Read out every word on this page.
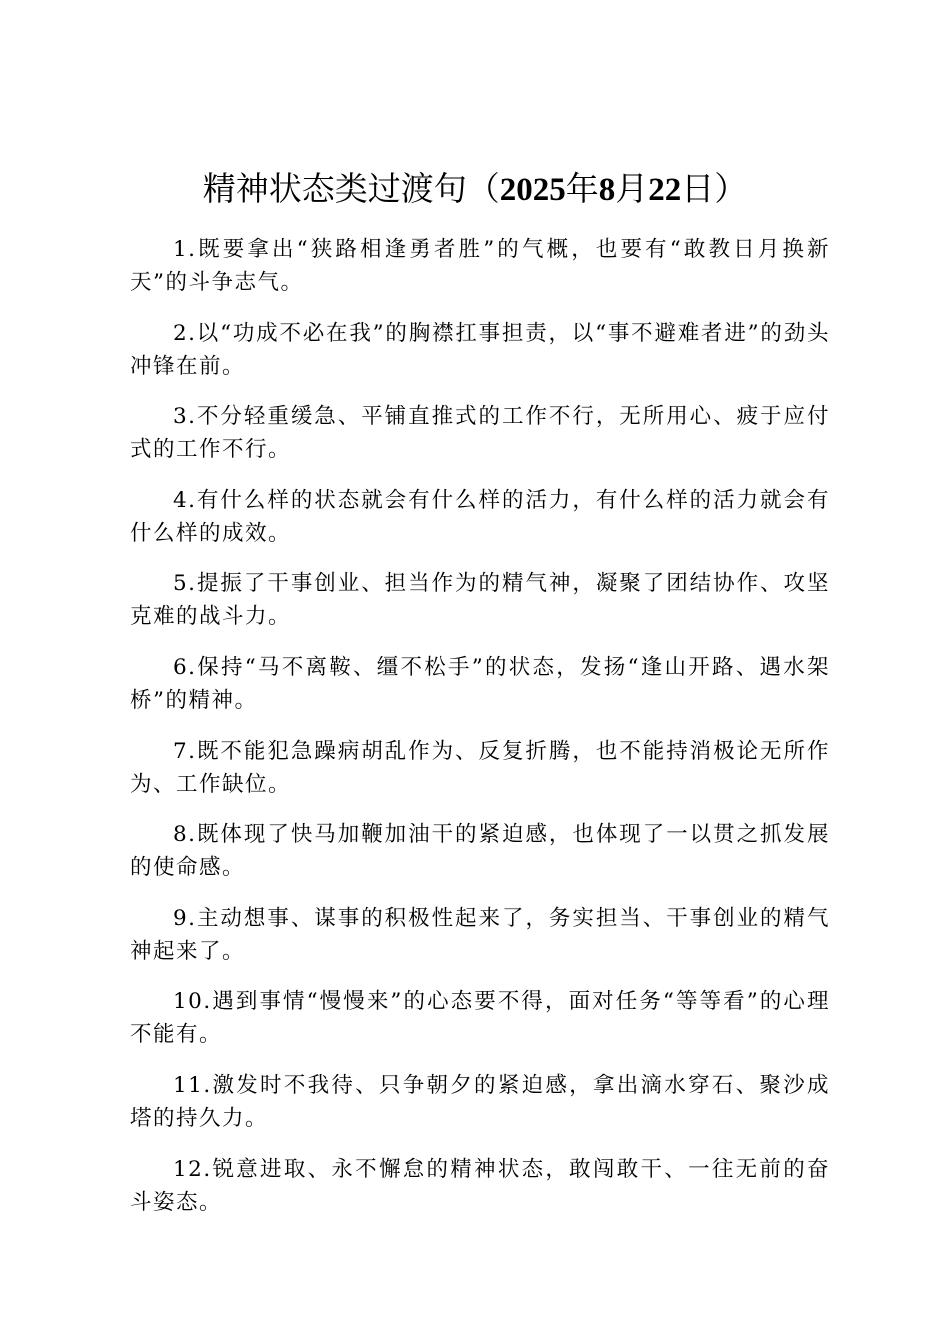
精神状态类过渡句（2025年8月22日）

1.既要拿出“狭路相逢勇者胜”的气概，也要有“敢教日月换新天”的斗争志气。

2.以“功成不必在我”的胸襟扛事担责，以“事不避难者进”的劲头冲锋在前。

3.不分轻重缓急、平铺直推式的工作不行，无所用心、疲于应付式的工作不行。

4.有什么样的状态就会有什么样的活力，有什么样的活力就会有什么样的成效。

5.提振了干事创业、担当作为的精气神，凝聚了团结协作、攻坚克难的战斗力。

6.保持“马不离鞍、缰不松手”的状态，发扬“逢山开路、遇水架桥”的精神。

7.既不能犯急躁病胡乱作为、反复折腾，也不能持消极论无所作为、工作缺位。

8.既体现了快马加鞭加油干的紧迫感，也体现了一以贯之抓发展的使命感。

9.主动想事、谋事的积极性起来了，务实担当、干事创业的精气神起来了。

10.遇到事情“慢慢来”的心态要不得，面对任务“等等看”的心理不能有。

11.激发时不我待、只争朝夕的紧迫感，拿出滴水穿石、聚沙成塔的持久力。

12.锐意进取、永不懈怠的精神状态，敢闯敢干、一往无前的奋斗姿态。
